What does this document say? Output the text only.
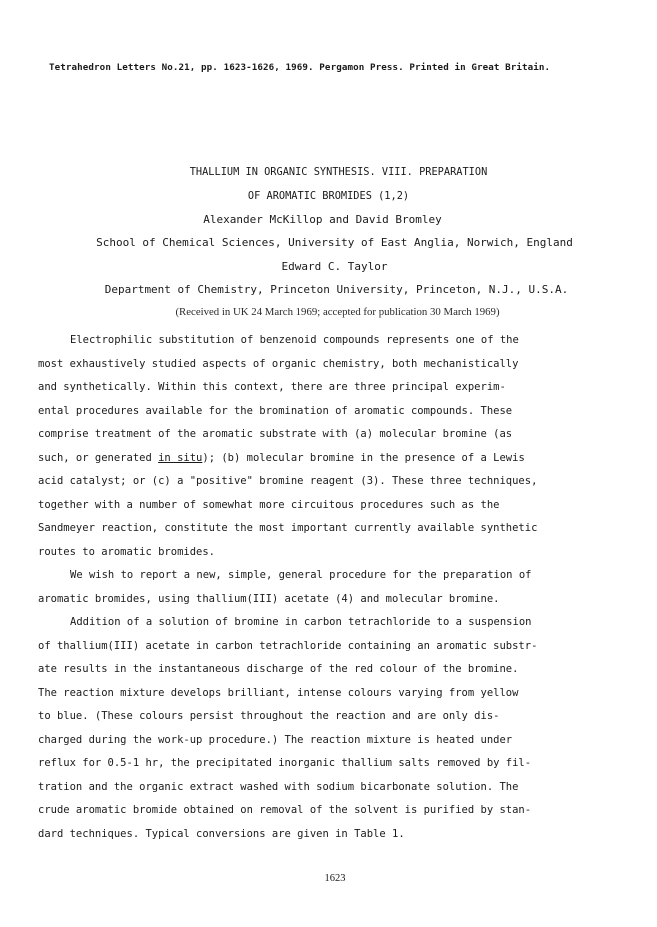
Tetrahedron Letters No.21, pp. 1623-1626, 1969. Pergamon Press. Printed in Great Britain.
THALLIUM IN ORGANIC SYNTHESIS. VIII. PREPARATION
OF AROMATIC BROMIDES (1,2)
Alexander McKillop and David Bromley
School of Chemical Sciences, University of East Anglia, Norwich, England
Edward C. Taylor
Department of Chemistry, Princeton University, Princeton, N.J., U.S.A.
(Received in UK 24 March 1969; accepted for publication 30 March 1969)
Electrophilic substitution of benzenoid compounds represents one of the
most exhaustively studied aspects of organic chemistry, both mechanistically
and synthetically. Within this context, there are three principal experim-
ental procedures available for the bromination of aromatic compounds. These
comprise treatment of the aromatic substrate with (a) molecular bromine (as
such, or generated in situ); (b) molecular bromine in the presence of a Lewis
acid catalyst; or (c) a "positive" bromine reagent (3). These three techniques,
together with a number of somewhat more circuitous procedures such as the
Sandmeyer reaction, constitute the most important currently available synthetic
routes to aromatic bromides.
We wish to report a new, simple, general procedure for the preparation of
aromatic bromides, using thallium(III) acetate (4) and molecular bromine.
Addition of a solution of bromine in carbon tetrachloride to a suspension
of thallium(III) acetate in carbon tetrachloride containing an aromatic substr-
ate results in the instantaneous discharge of the red colour of the bromine.
The reaction mixture develops brilliant, intense colours varying from yellow
to blue. (These colours persist throughout the reaction and are only dis-
charged during the work-up procedure.) The reaction mixture is heated under
reflux for 0.5-1 hr, the precipitated inorganic thallium salts removed by fil-
tration and the organic extract washed with sodium bicarbonate solution. The
crude aromatic bromide obtained on removal of the solvent is purified by stan-
dard techniques. Typical conversions are given in Table 1.
1623
